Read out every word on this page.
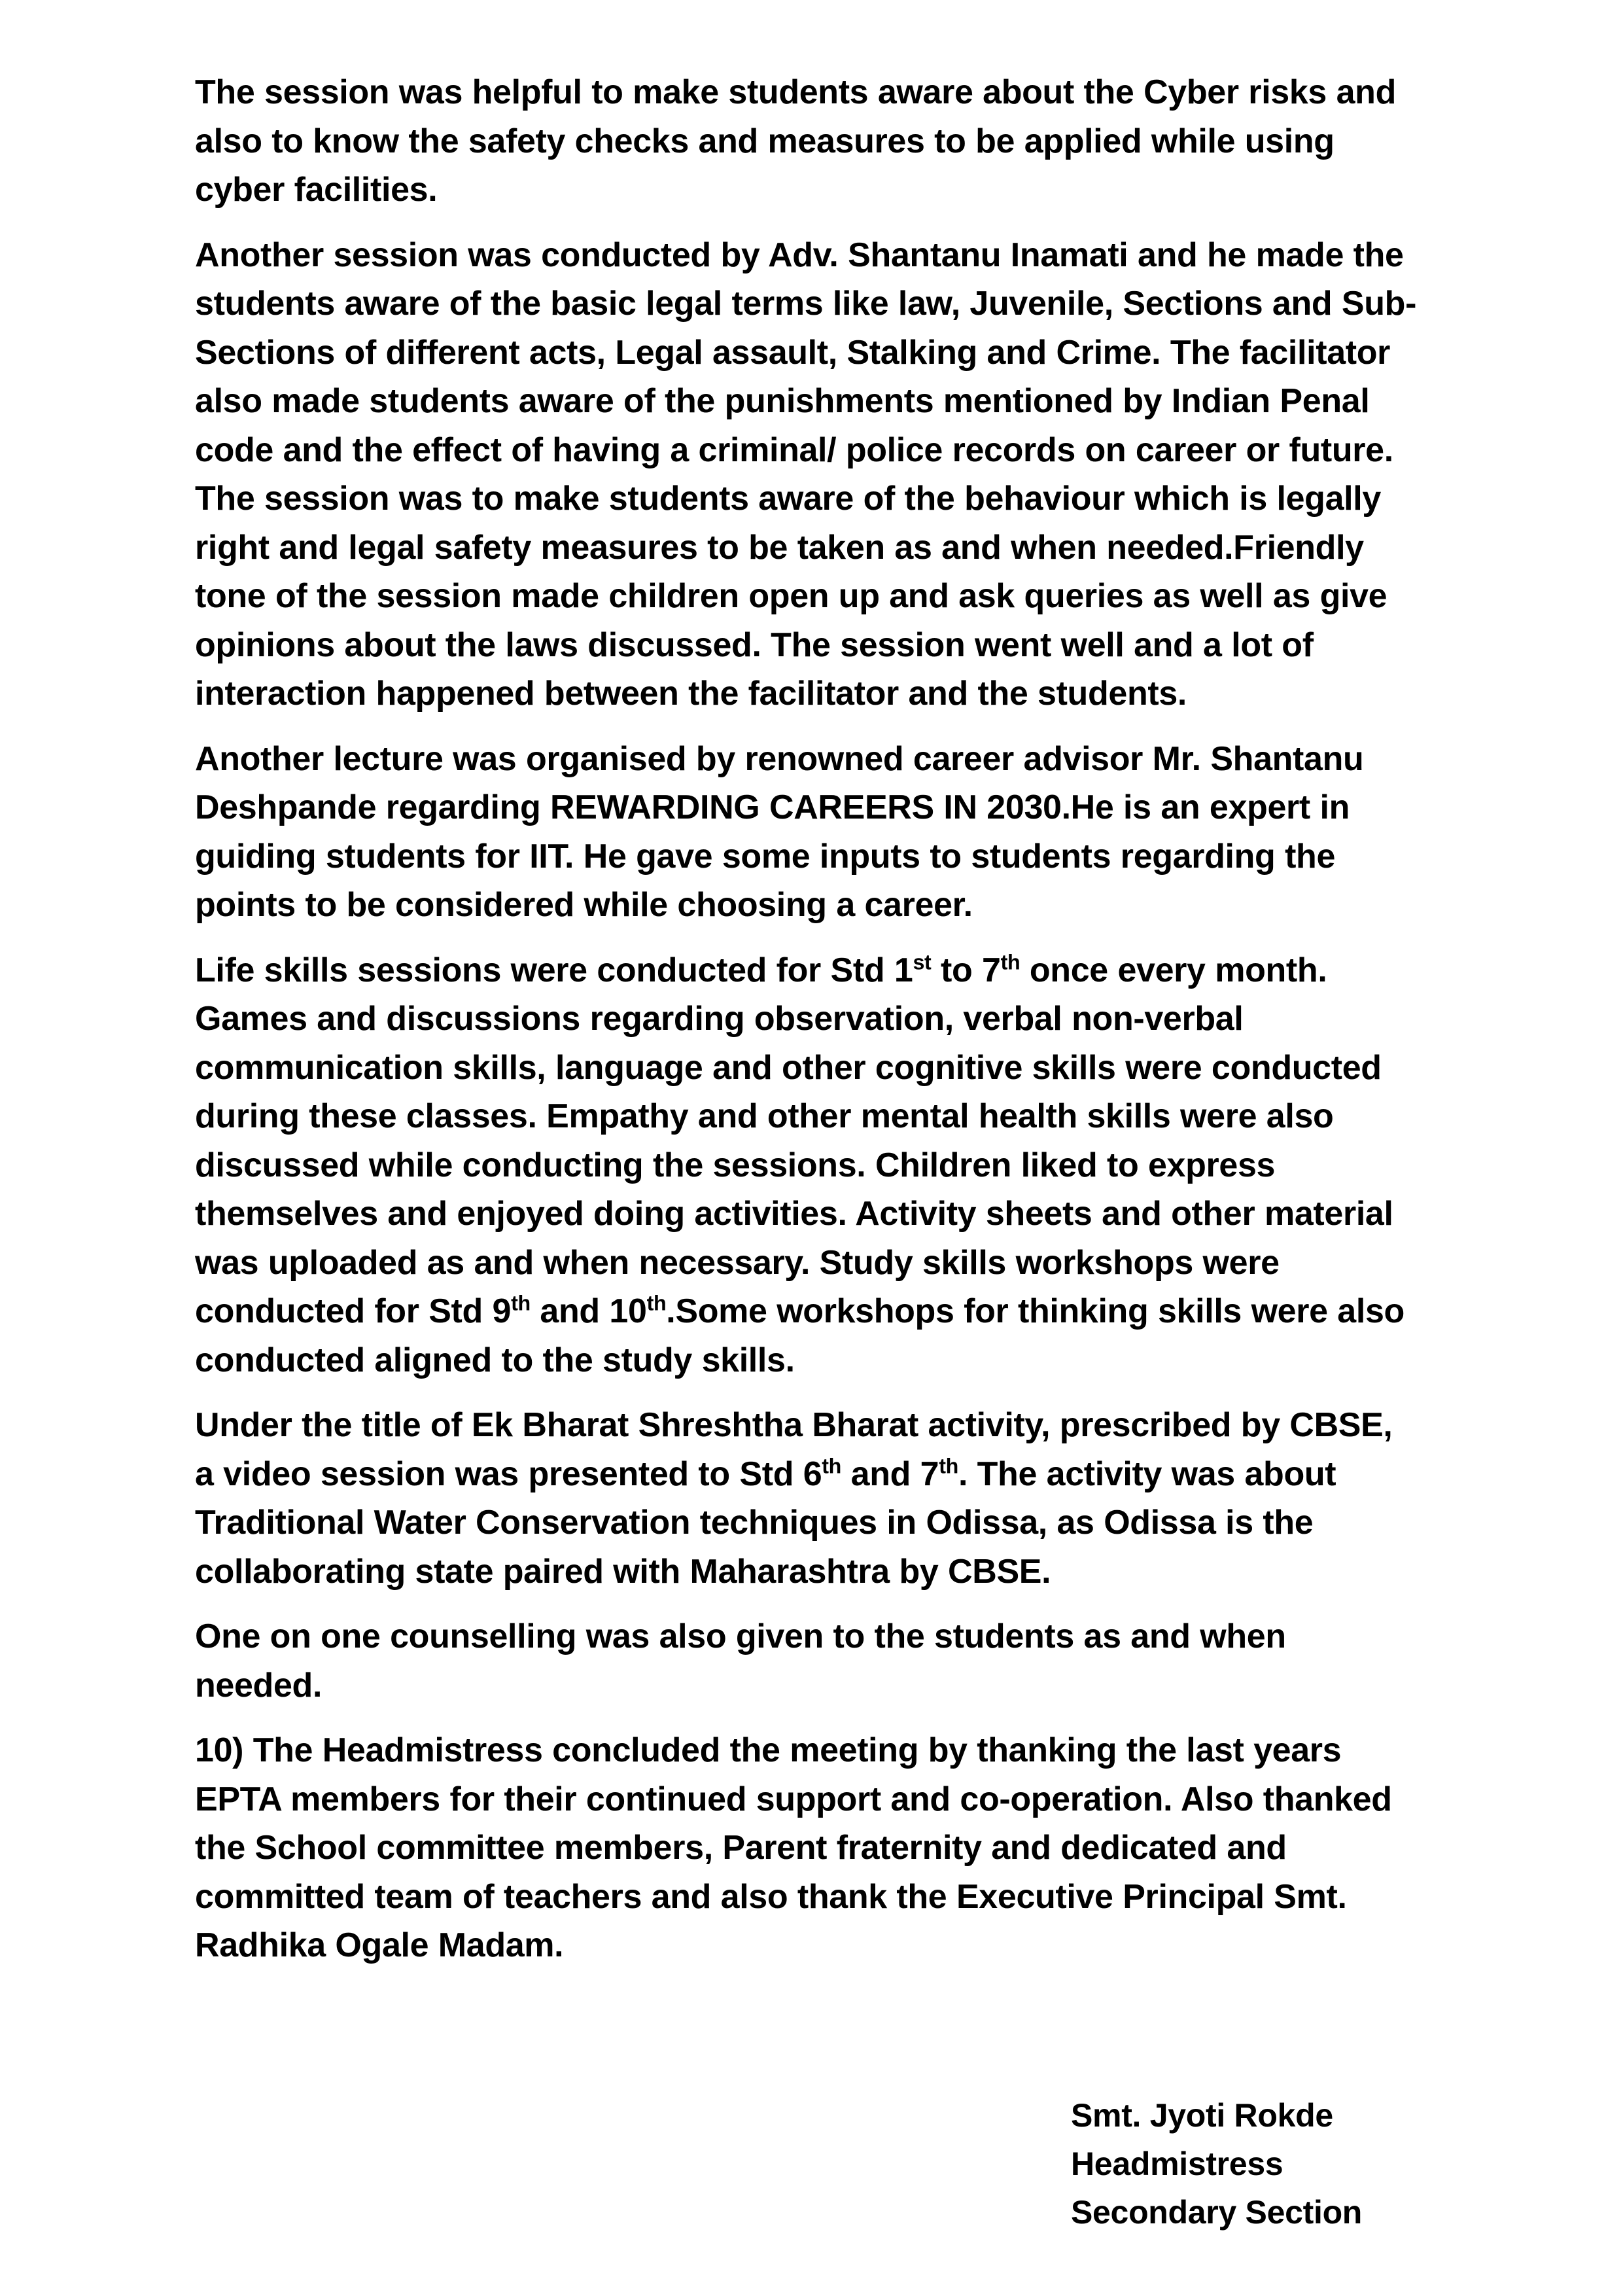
The session was helpful to make students aware about the Cyber risks and also to know the safety checks and measures to be applied while using cyber facilities.

Another session was conducted by Adv. Shantanu Inamati and he made the students aware of the basic legal terms like law, Juvenile, Sections and Sub-Sections of different acts, Legal assault, Stalking and Crime. The facilitator also made students aware of the punishments mentioned by Indian Penal code and the effect of having a criminal/ police records on career or future. The session was to make students aware of the behaviour which is legally right and legal safety measures to be taken as and when needed.Friendly tone of the session made children open up and ask queries as well as give opinions about the laws discussed. The session went well and a lot of interaction happened between the facilitator and the students.

Another lecture was organised by renowned career advisor Mr. Shantanu Deshpande regarding REWARDING CAREERS IN 2030.He is an expert in guiding students for IIT. He gave some inputs to students regarding the points to be considered while choosing a career.

Life skills sessions were conducted for Std 1st to 7th once every month. Games and discussions regarding observation, verbal non-verbal communication skills, language and other cognitive skills were conducted during these classes. Empathy and other mental health skills were also discussed while conducting the sessions. Children liked to express themselves and enjoyed doing activities. Activity sheets and other material was uploaded as and when necessary. Study skills workshops were conducted for Std 9th and 10th.Some workshops for thinking skills were also conducted aligned to the study skills.

Under the title of Ek Bharat Shreshtha Bharat activity, prescribed by CBSE, a video session was presented to Std 6th and 7th. The activity was about Traditional Water Conservation techniques in Odissa, as Odissa is the collaborating state paired with Maharashtra by CBSE.

One on one counselling was also given to the students as and when needed.

10) The Headmistress concluded the meeting by thanking the last years EPTA members for their continued support and co-operation. Also thanked the School committee members, Parent fraternity and dedicated and committed team of teachers and also thank the Executive Principal Smt. Radhika Ogale Madam.

Smt. Jyoti Rokde
Headmistress
Secondary Section
